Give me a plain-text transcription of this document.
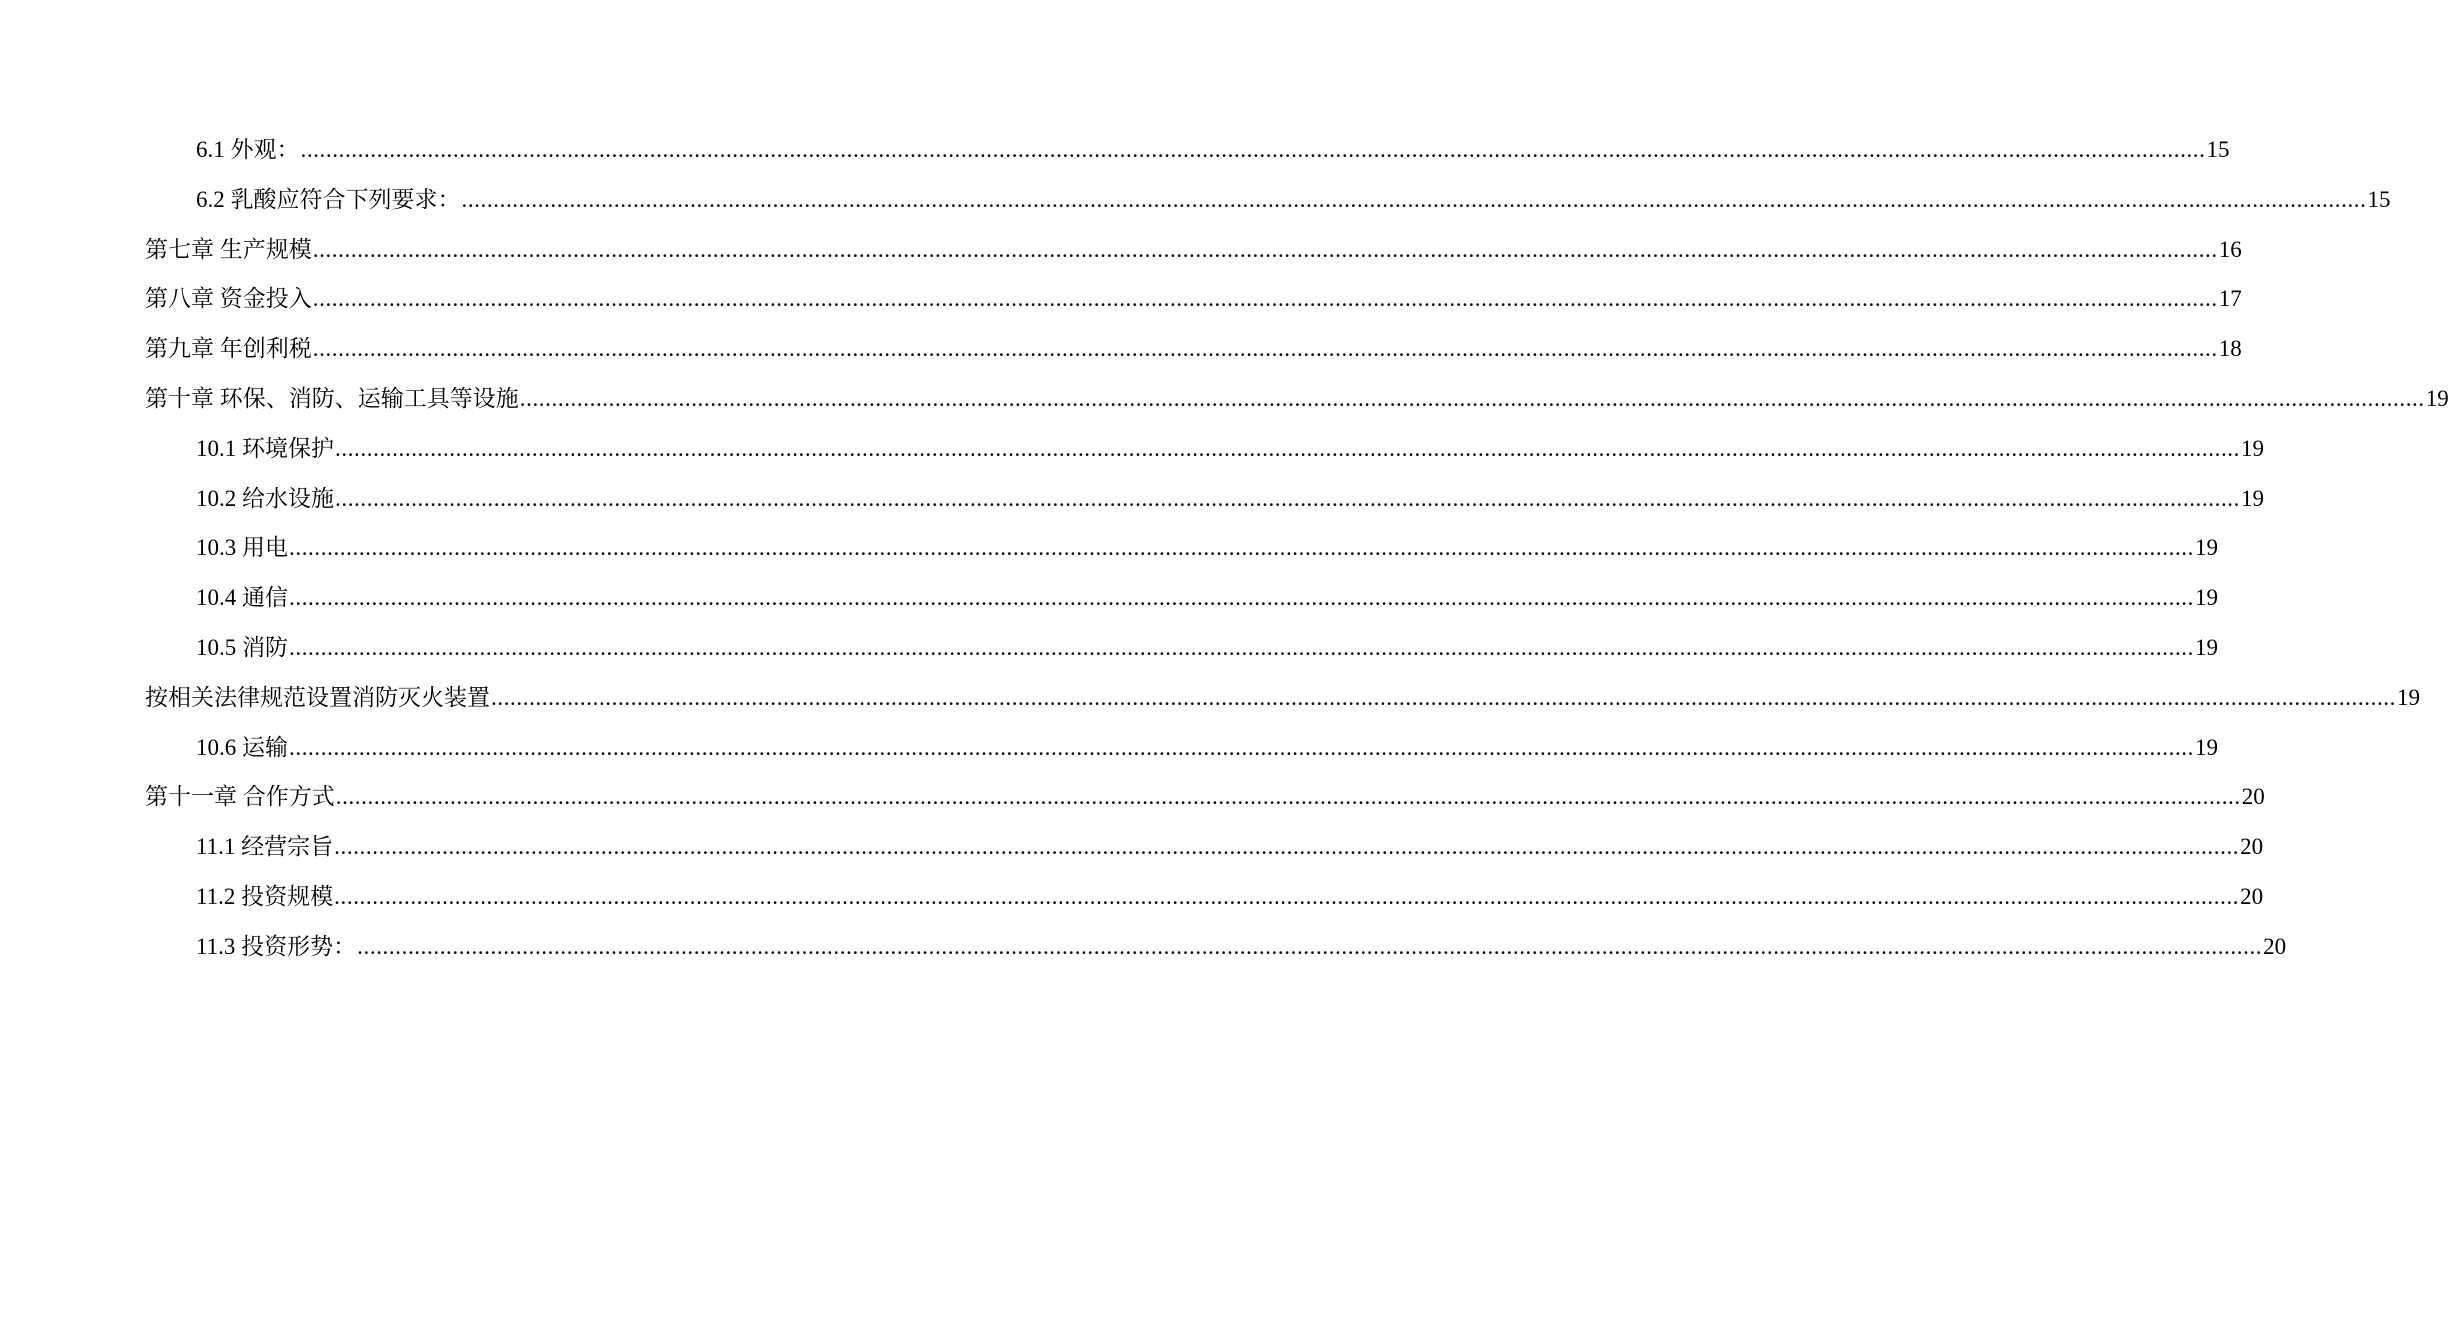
6.1 外观： ............................................................................................................................................................................................................................................................................................................ 15
6.2 乳酸应符合下列要求： ............................................................................................................................................................................................................................................................................................................ 15
第七章 生产规模 ............................................................................................................................................................................................................................................................................................................ 16
第八章 资金投入 ............................................................................................................................................................................................................................................................................................................ 17
第九章 年创利税 ............................................................................................................................................................................................................................................................................................................ 18
第十章 环保、消防、运输工具等设施 ............................................................................................................................................................................................................................................................................................................ 19
10.1 环境保护 ............................................................................................................................................................................................................................................................................................................ 19
10.2 给水设施 ............................................................................................................................................................................................................................................................................................................ 19
10.3 用电 ............................................................................................................................................................................................................................................................................................................ 19
10.4 通信 ............................................................................................................................................................................................................................................................................................................ 19
10.5 消防 ............................................................................................................................................................................................................................................................................................................ 19
按相关法律规范设置消防灭火装置 ............................................................................................................................................................................................................................................................................................................ 19
10.6 运输 ............................................................................................................................................................................................................................................................................................................ 19
第十一章 合作方式 ............................................................................................................................................................................................................................................................................................................ 20
11.1 经营宗旨 ............................................................................................................................................................................................................................................................................................................ 20
11.2 投资规模 ............................................................................................................................................................................................................................................................................................................ 20
11.3 投资形势： ............................................................................................................................................................................................................................................................................................................ 20
